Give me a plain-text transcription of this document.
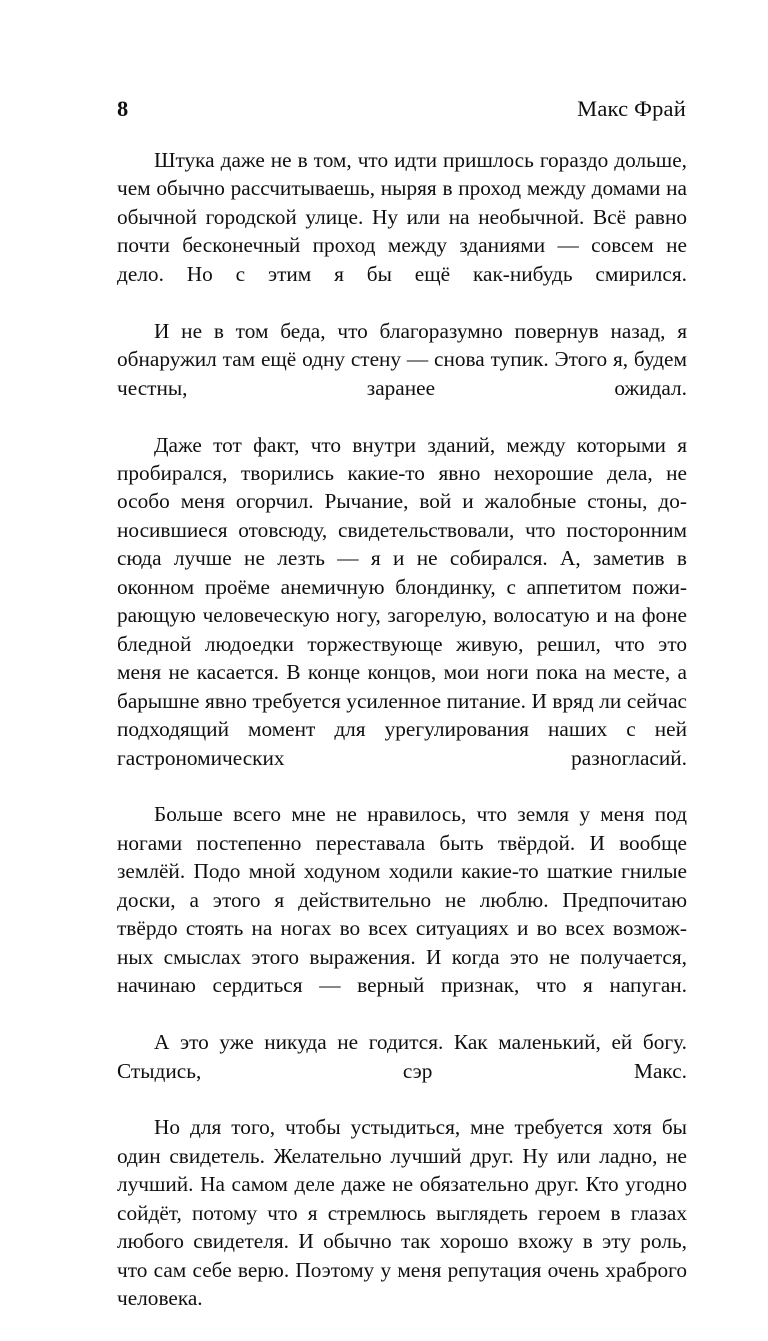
8	Макс Фрай

Штука даже не в том, что идти пришлось гораздо дольше, чем обычно рассчитываешь, ныряя в проход между домами на обычной городской улице. Ну или на необычной. Всё равно почти бесконечный проход между зданиями — совсем не дело. Но с этим я бы ещё как-нибудь смирился.

И не в том беда, что благоразумно повернув назад, я обнаружил там ещё одну стену — снова тупик. Этого я, будем честны, заранее ожидал.

Даже тот факт, что внутри зданий, между которыми я пробирался, творились какие-то явно нехорошие дела, не особо меня огорчил. Рычание, вой и жалобные стоны, доносившиеся отовсюду, свидетельствовали, что посторонним сюда лучше не лезть — я и не собирался. А, заметив в оконном проёме анемичную блондинку, с аппетитом пожирающую человеческую ногу, загорелую, волосатую и на фоне бледной людоедки торжествующе живую, решил, что это меня не касается. В конце концов, мои ноги пока на месте, а барышне явно требуется усиленное питание. И вряд ли сейчас подходящий момент для урегулирования наших с ней гастрономических разногласий.

Больше всего мне не нравилось, что земля у меня под ногами постепенно переставала быть твёрдой. И вообще землёй. Подо мной ходуном ходили какие-то шаткие гнилые доски, а этого я действительно не люблю. Предпочитаю твёрдо стоять на ногах во всех ситуациях и во всех возможных смыслах этого выражения. И когда это не получается, начинаю сердиться — верный признак, что я напуган.

А это уже никуда не годится. Как маленький, ей богу. Стыдись, сэр Макс.

Но для того, чтобы устыдиться, мне требуется хотя бы один свидетель. Желательно лучший друг. Ну или ладно, не лучший. На самом деле даже не обязательно друг. Кто угодно сойдёт, потому что я стремлюсь выглядеть героем в глазах любого свидетеля. И обычно так хорошо вхожу в эту роль, что сам себе верю. Поэтому у меня репутация очень храброго человека.
